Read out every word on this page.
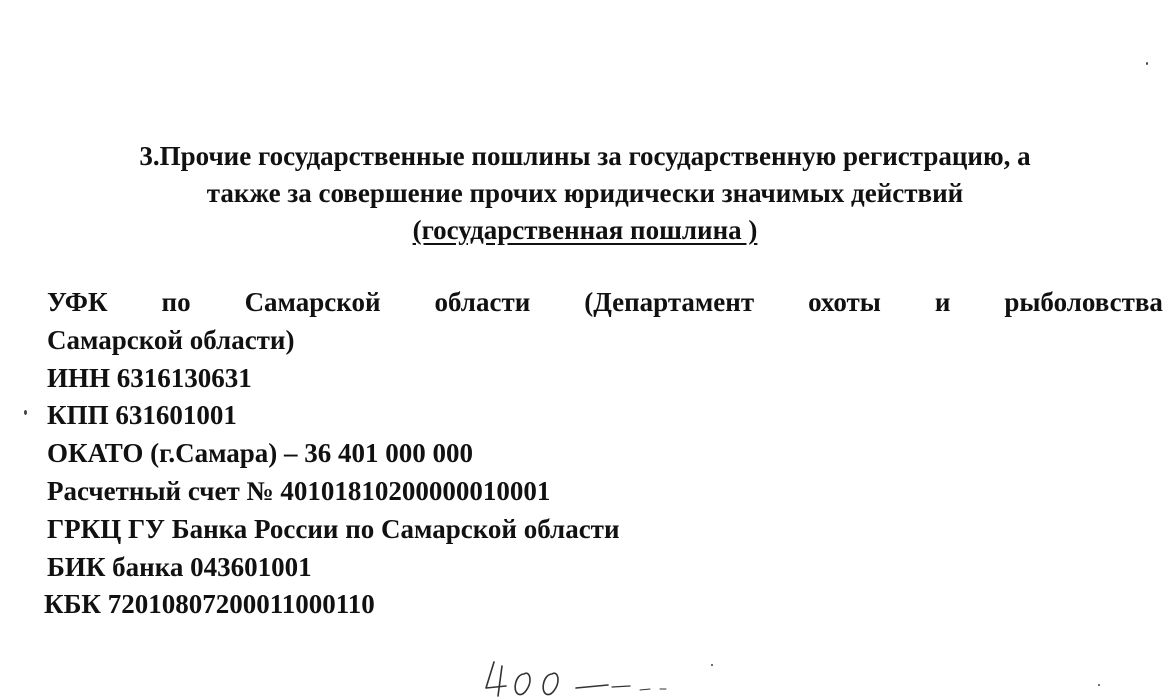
3.Прочие государственные пошлины за государственную регистрацию, а
также за совершение прочих юридически значимых действий
(государственная пошлина )
УФК по Самарской области (Департамент охоты и рыболовства
Самарской области)
ИНН 6316130631
КПП 631601001
ОКАТО (г.Самара) – 36 401 000 000
Расчетный счет № 40101810200000010001
ГРКЦ ГУ Банка России по Самарской области
БИК банка 043601001
КБК 72010807200011000110
